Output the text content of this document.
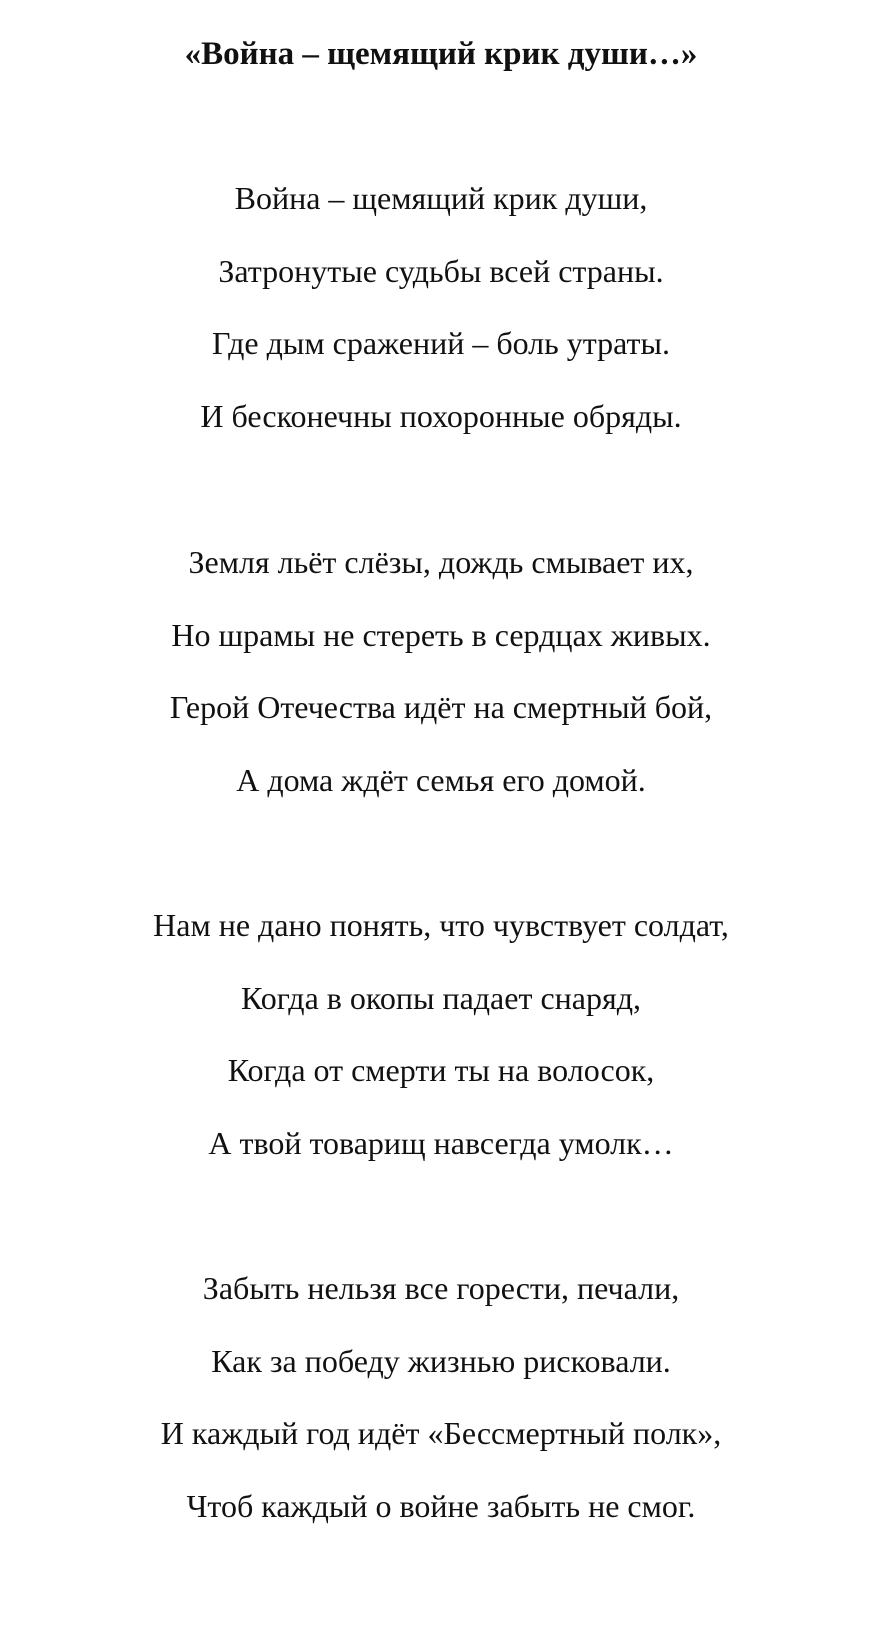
«Война – щемящий крик души…»
Война – щемящий крик души,
Затронутые судьбы всей страны.
Где дым сражений – боль утраты.
И бесконечны похоронные обряды.
Земля льёт слёзы, дождь смывает их,
Но шрамы не стереть в сердцах живых.
Герой Отечества идёт на смертный бой,
А дома ждёт семья его домой.
Нам не дано понять, что чувствует солдат,
Когда в окопы падает снаряд,
Когда от смерти ты на волосок,
А твой товарищ навсегда умолк…
Забыть нельзя все горести, печали,
Как за победу жизнью рисковали.
И каждый год идёт «Бессмертный полк»,
Чтоб каждый о войне забыть не смог.
